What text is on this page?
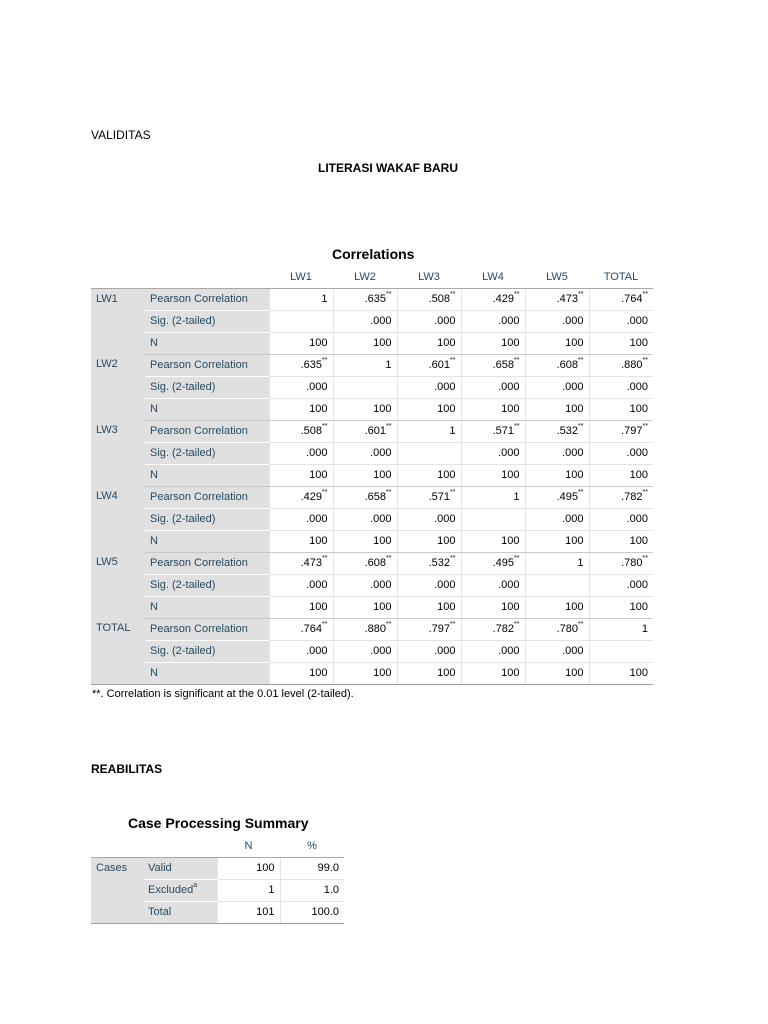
VALIDITAS
LITERASI WAKAF BARU
Correlations
		LW1	LW2	LW3	LW4	LW5	TOTAL
LW1	Pearson Correlation	1	.635**	.508**	.429**	.473**	.764**
	Sig. (2-tailed)		.000	.000	.000	.000	.000
	N	100	100	100	100	100	100
LW2	Pearson Correlation	.635**	1	.601**	.658**	.608**	.880**
	Sig. (2-tailed)	.000		.000	.000	.000	.000
	N	100	100	100	100	100	100
LW3	Pearson Correlation	.508**	.601**	1	.571**	.532**	.797**
	Sig. (2-tailed)	.000	.000		.000	.000	.000
	N	100	100	100	100	100	100
LW4	Pearson Correlation	.429**	.658**	.571**	1	.495**	.782**
	Sig. (2-tailed)	.000	.000	.000		.000	.000
	N	100	100	100	100	100	100
LW5	Pearson Correlation	.473**	.608**	.532**	.495**	1	.780**
	Sig. (2-tailed)	.000	.000	.000	.000		.000
	N	100	100	100	100	100	100
TOTAL	Pearson Correlation	.764**	.880**	.797**	.782**	.780**	1
	Sig. (2-tailed)	.000	.000	.000	.000	.000	
	N	100	100	100	100	100	100
**. Correlation is significant at the 0.01 level (2-tailed).
REABILITAS
Case Processing Summary
		N	%
Cases	Valid	100	99.0
	Excluded$^a$	1	1.0
	Total	101	100.0
